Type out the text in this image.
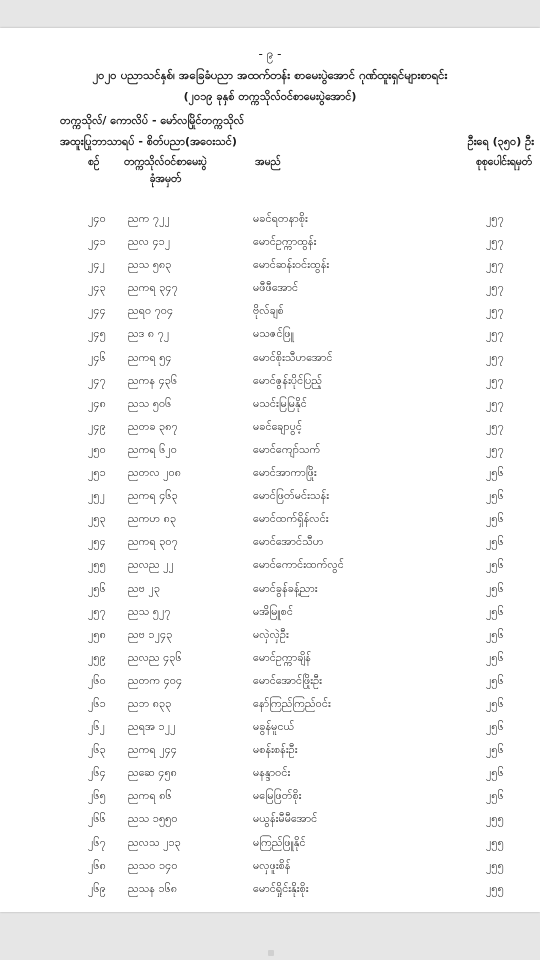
- ၉ -
၂၀၂၀ ပညာသင်နှစ်၊ အခြေခံပညာ အထက်တန်း စာမေးပွဲအောင် ဂုဏ်ထူးရှင်များစာရင်း
(၂၀၁၉ ခုနှစ် တက္ကသိုလ်ဝင်စာမေးပွဲအောင်)
တက္ကသိုလ်/ ကောလိပ် - မော်လမြိုင်တက္ကသိုလ်
အထူးပြုဘာသာရပ် - စိတ်ပညာ(အဝေးသင်)	ဦးရေ (၃၅၀) ဦး
စဉ် တက္ကသိုလ်ဝင်စာမေးပွဲ
ခုံအမှတ်
အမည်	စုစုပေါင်းရမှတ်
၂၄၀ ညက ၇၂၂	မခင်ရတနာစိုး	၂၅၇
၂၄၁ ညလ ၄၁၂	မောင်ဥက္ကာထွန်း	၂၅၇
၂၄၂ ညသ ၅၈၃	မောင်ဆန်းဝင်းထွန်း	၂၅၇
၂၄၃ ညကရ ၃၄၇	မဖီဖီအောင်	၂၅၇
၂၄၄ ညရဝ ၇၀၄	ဗိုလ်ချစ်	၂၅၇
၂၄၅ ညဒ ၈ ၇၂	မသဇင်ဖြူ	၂၅၇
၂၄၆ ညကရ ၅၄	မောင်စိုးသီဟအောင်	၂၅၇
၂၄၇ ညကန ၄၃၆	မောင်ဇွန်းပိုင်ပြည့်	၂၅၇
၂၄၈ ညသ ၅၀၆	မသင်းမြမြနိုင်	၂၅၇
၂၄၉ ညတခ ၃၈၇	မခင်ချောပွင့်	၂၅၇
၂၅၀ ညကရ ၆၂၀	မောင်ကျော်သက်	၂၅၇
၂၅၁ ညတလ ၂၀၈	မောင်အာကာဖြိုး	၂၅၆
၂၅၂ ညကရ ၄၆၃	မောင်ဖြတ်မင်းသန်း	၂၅၆
၂၅၃ ညကဟ ၈၃	မောင်ထက်ရှိန်လင်း	၂၅၆
၂၅၄ ညကရ ၃၀၇	မောင်အောင်သီဟ	၂၅၆
၂၅၅ ညလည ၂၂	မောင်ကောင်းထက်လွင်	၂၅၆
၂၅၆ ညဗ ၂၃	မောင်ခွန်ခန့်ညား	၂၅၆
၂၅၇ ညသ ၅၂၇	မအိမြူစင်	၂၅၆
၂၅၈ ညဗ ၁၂၄၃	မလှဲလှဲဦး	၂၅၆
၂၅၉ ညလည ၄၃၆	မောင်ဥက္ကာချိန်	၂၅၆
၂၆၀ ညတက ၄၀၄	မောင်အောင်ဖြိုးဦး	၂၅၆
၂၆၁ ညဘ ၈၃၃	နော်ကြည်ကြည်ဝင်း	၂၅၆
၂၆၂ ညရအ ၁၂၂	မခွန်မူငယ်	၂၅၆
၂၆၃ ညကရ ၂၄၄	မစန်းစန်းဦး	၂၅၆
၂၆၄ ညဆေ ၄၅၈	မနန္ဒာဝင်း	၂၅၆
၂၆၅ ညကရ ၈၆	မမြေဖြတ်စိုး	၂၅၆
၂၆၆ ညသ ၁၅၅၀	မယွန်းမီမီအောင်	၂၅၅
၂၆၇ ညလသ ၂၁၃	မကြည်ဖြူနိုင်	၂၅၅
၂၆၈ ညသဝ ၁၄၀	မလှဖူးစိန်	၂၅၅
၂၆၉ ညသန ၁၆၈	မောင်ရှိုင်းနိုးစိုး	၂၅၅
